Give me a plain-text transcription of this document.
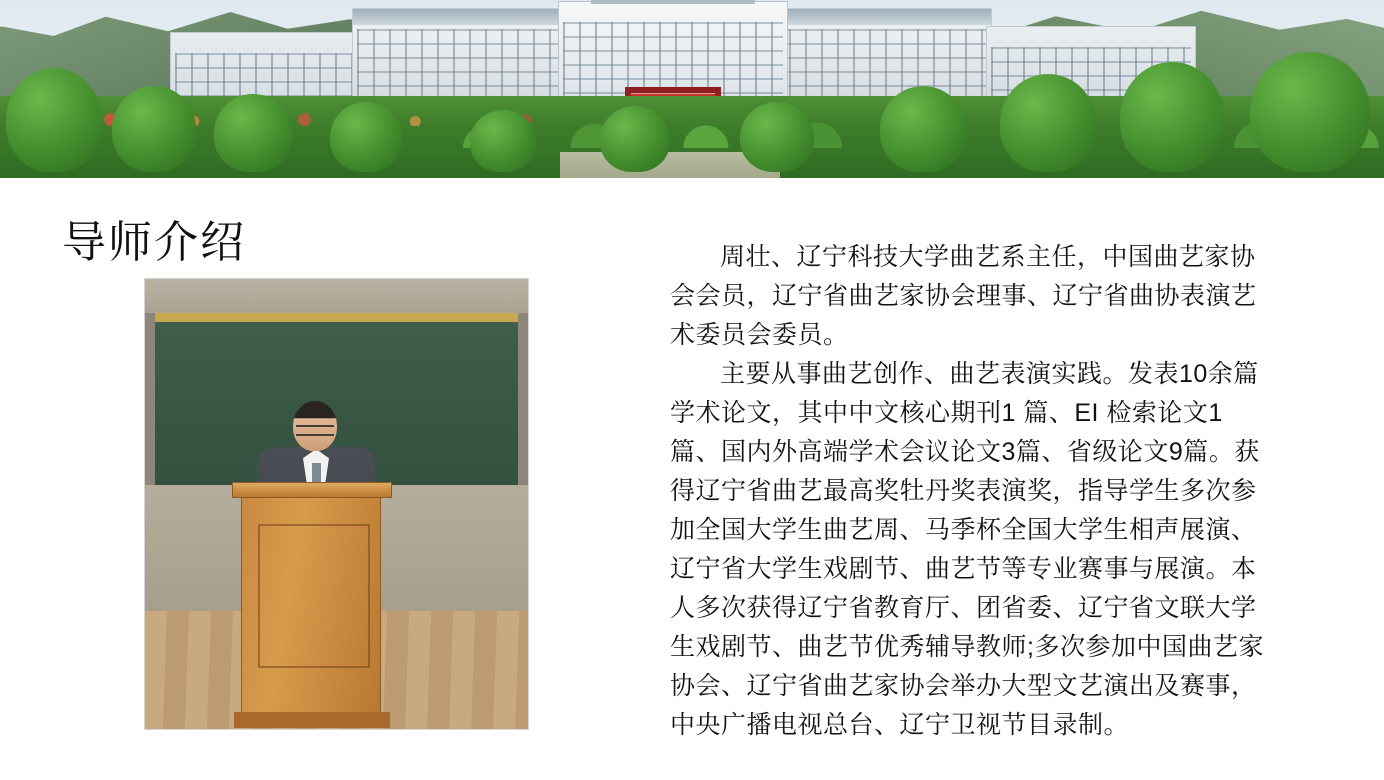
导师介绍	周壮、辽宁科技大学曲艺系主任，中国曲艺家协会会员，辽宁省曲艺家协会理事、辽宁省曲协表演艺术委员会委员。

主要从事曲艺创作、曲艺表演实践。发表10余篇学术论文，其中中文核心期刊1 篇、EI 检索论文1篇、国内外高端学术会议论文3篇、省级论文9篇。获得辽宁省曲艺最高奖牡丹奖表演奖，指导学生多次参加全国大学生曲艺周、马季杯全国大学生相声展演、辽宁省大学生戏剧节、曲艺节等专业赛事与展演。本人多次获得辽宁省教育厅、团省委、辽宁省文联大学生戏剧节、曲艺节优秀辅导教师;多次参加中国曲艺家协会、辽宁省曲艺家协会举办大型文艺演出及赛事，中央广播电视总台、辽宁卫视节目录制。
